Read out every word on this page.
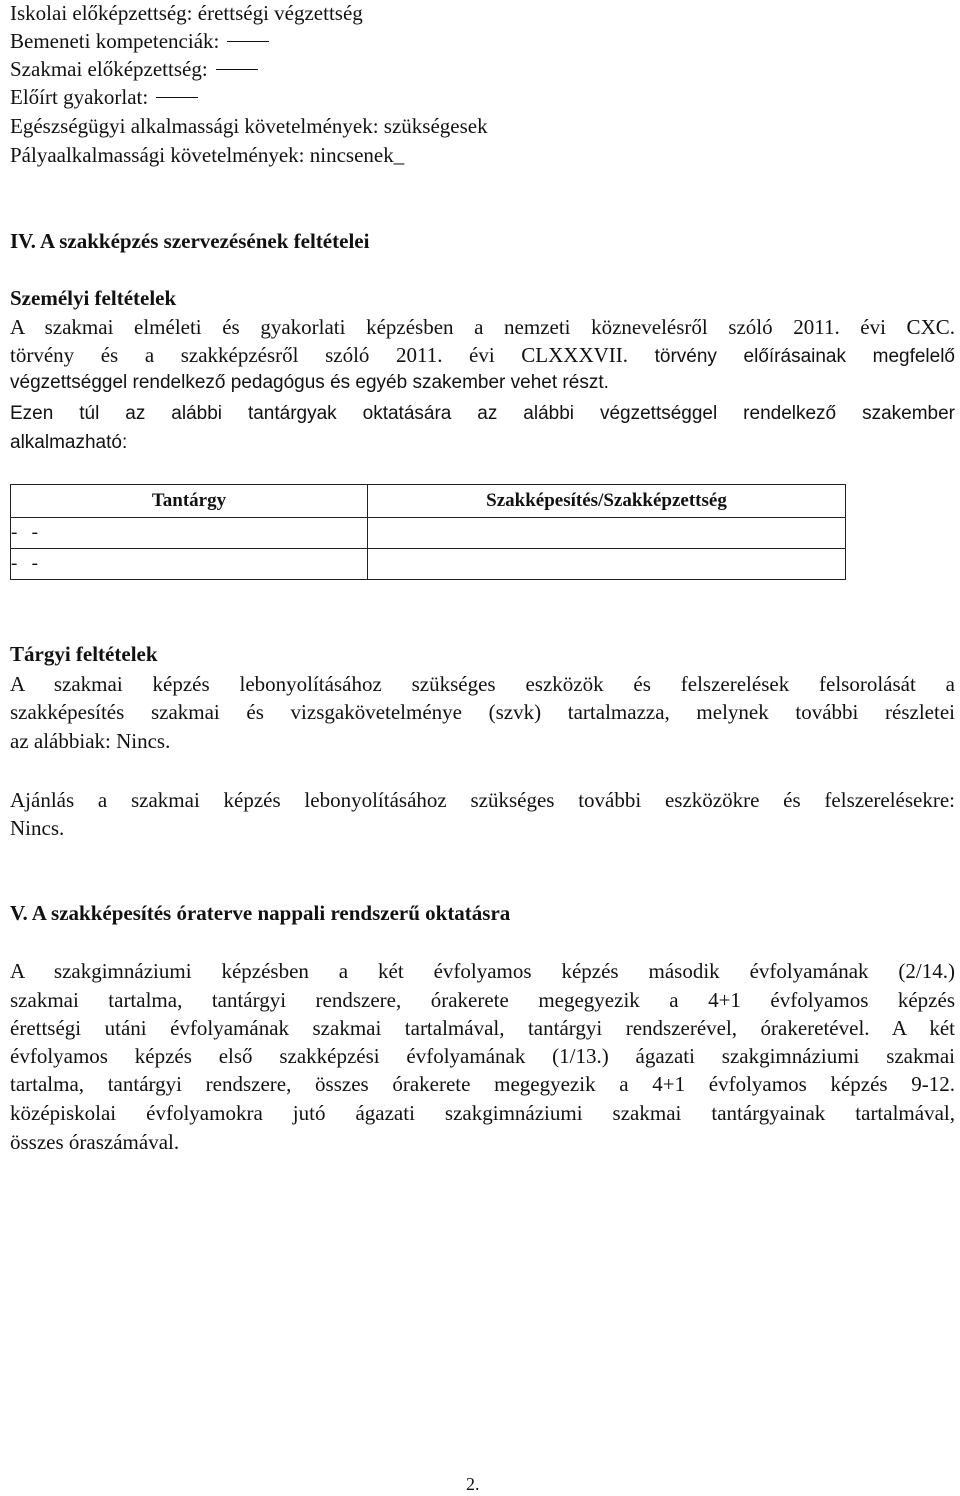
Iskolai előképzettség: érettségi végzettség
Bemeneti kompetenciák:
Szakmai előképzettség:
Előírt gyakorlat:
Egészségügyi alkalmassági követelmények: szükségesek
Pályaalkalmassági követelmények: nincsenek_
IV. A szakképzés szervezésének feltételei
Személyi feltételek
A szakmai elméleti és gyakorlati képzésben a nemzeti köznevelésről szóló 2011. évi CXC.
törvény és a szakképzésről szóló 2011. évi CLXXXVII. törvény előírásainak megfelelő
végzettséggel rendelkező pedagógus és egyéb szakember vehet részt.
Ezen túl az alábbi tantárgyak oktatására az alábbi végzettséggel rendelkező szakember
alkalmazható:
Tantárgy	Szakképesítés/Szakképzettség
-   -	
-   -	
Tárgyi feltételek
A szakmai képzés lebonyolításához szükséges eszközök és felszerelések felsorolását a
szakképesítés szakmai és vizsgakövetelménye (szvk) tartalmazza, melynek további részletei
az alábbiak: Nincs.
Ajánlás a szakmai képzés lebonyolításához szükséges további eszközökre és felszerelésekre:
Nincs.
V. A szakképesítés óraterve nappali rendszerű oktatásra
A szakgimnáziumi képzésben a két évfolyamos képzés második évfolyamának (2/14.)
szakmai tartalma, tantárgyi rendszere, órakerete megegyezik a 4+1 évfolyamos képzés
érettségi utáni évfolyamának szakmai tartalmával, tantárgyi rendszerével, órakeretével. A két
évfolyamos képzés első szakképzési évfolyamának (1/13.) ágazati szakgimnáziumi szakmai
tartalma, tantárgyi rendszere, összes órakerete megegyezik a 4+1 évfolyamos képzés 9-12.
középiskolai évfolyamokra jutó ágazati szakgimnáziumi szakmai tantárgyainak tartalmával,
összes óraszámával.
2.
